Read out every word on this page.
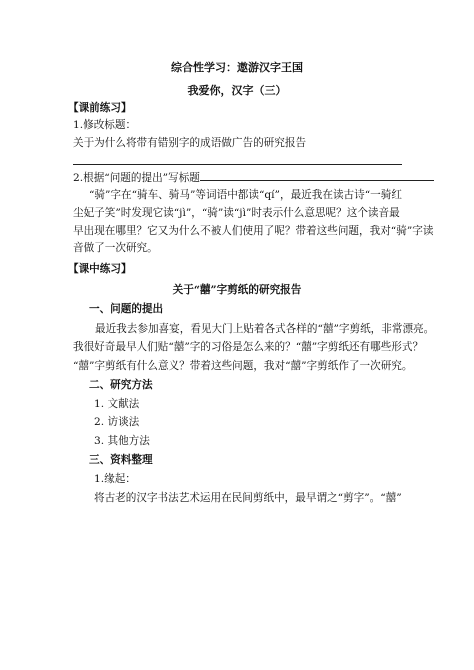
综合性学习：遨游汉字王国
我爱你，汉字（三）
【课前练习】
1.修改标题：
关于为什么将带有错别字的成语做广告的研究报告
2.根据“问题的提出”写标题
“骑”字在“骑车、骑马”等词语中都读“qí”，最近我在读古诗“一骑红
尘妃子笑”时发现它读“jì”，“骑”读“jì”时表示什么意思呢？这个读音最
早出现在哪里？它又为什么不被人们使用了呢？带着这些问题，我对“骑”字读
音做了一次研究。
【课中练习】
关于“囍”字剪纸的研究报告
一、问题的提出
最近我去参加喜宴，看见大门上贴着各式各样的“囍”字剪纸，非常漂亮。
我很好奇最早人们贴“囍”字的习俗是怎么来的？“囍”字剪纸还有哪些形式？
“囍”字剪纸有什么意义？带着这些问题，我对“囍”字剪纸作了一次研究。
二、研究方法
1. 文献法
2. 访谈法
3. 其他方法
三、资料整理
1.缘起：
将古老的汉字书法艺术运用在民间剪纸中，最早谓之“剪字”。“囍”
